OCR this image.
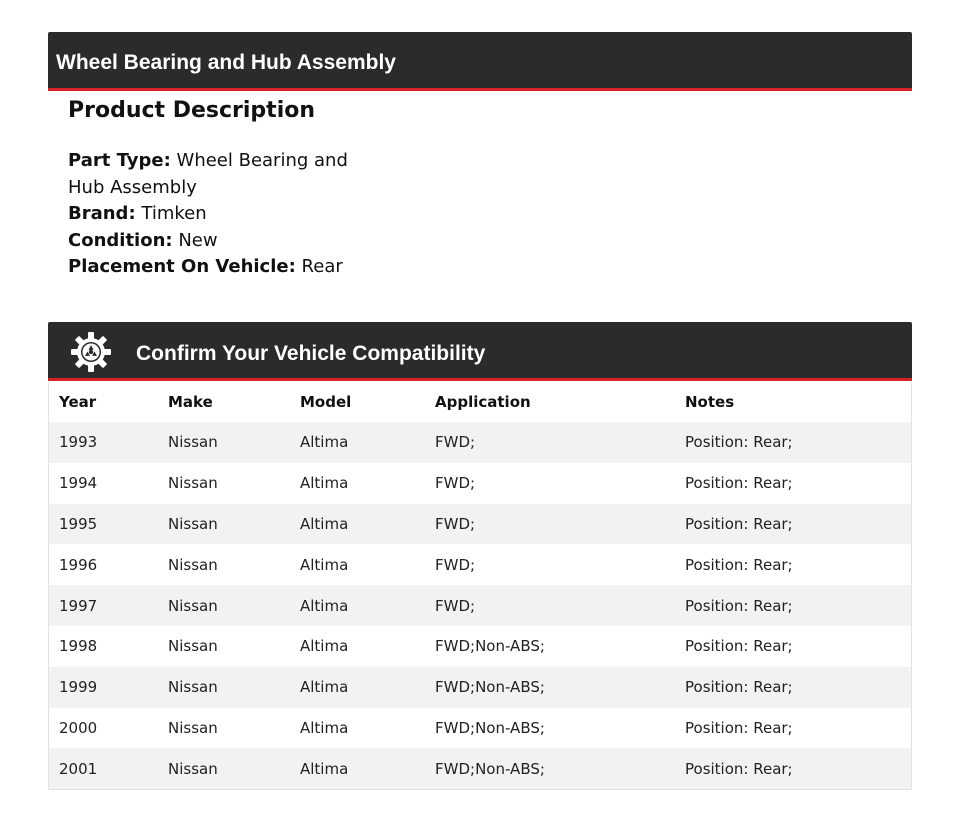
Wheel Bearing and Hub Assembly
Product Description
Part Type: Wheel Bearing and Hub Assembly
Brand: Timken
Condition: New
Placement On Vehicle: Rear
Confirm Your Vehicle Compatibility
Year	Make	Model	Application	Notes
1993	Nissan	Altima	FWD;	Position: Rear;
1994	Nissan	Altima	FWD;	Position: Rear;
1995	Nissan	Altima	FWD;	Position: Rear;
1996	Nissan	Altima	FWD;	Position: Rear;
1997	Nissan	Altima	FWD;	Position: Rear;
1998	Nissan	Altima	FWD;Non-ABS;	Position: Rear;
1999	Nissan	Altima	FWD;Non-ABS;	Position: Rear;
2000	Nissan	Altima	FWD;Non-ABS;	Position: Rear;
2001	Nissan	Altima	FWD;Non-ABS;	Position: Rear;
